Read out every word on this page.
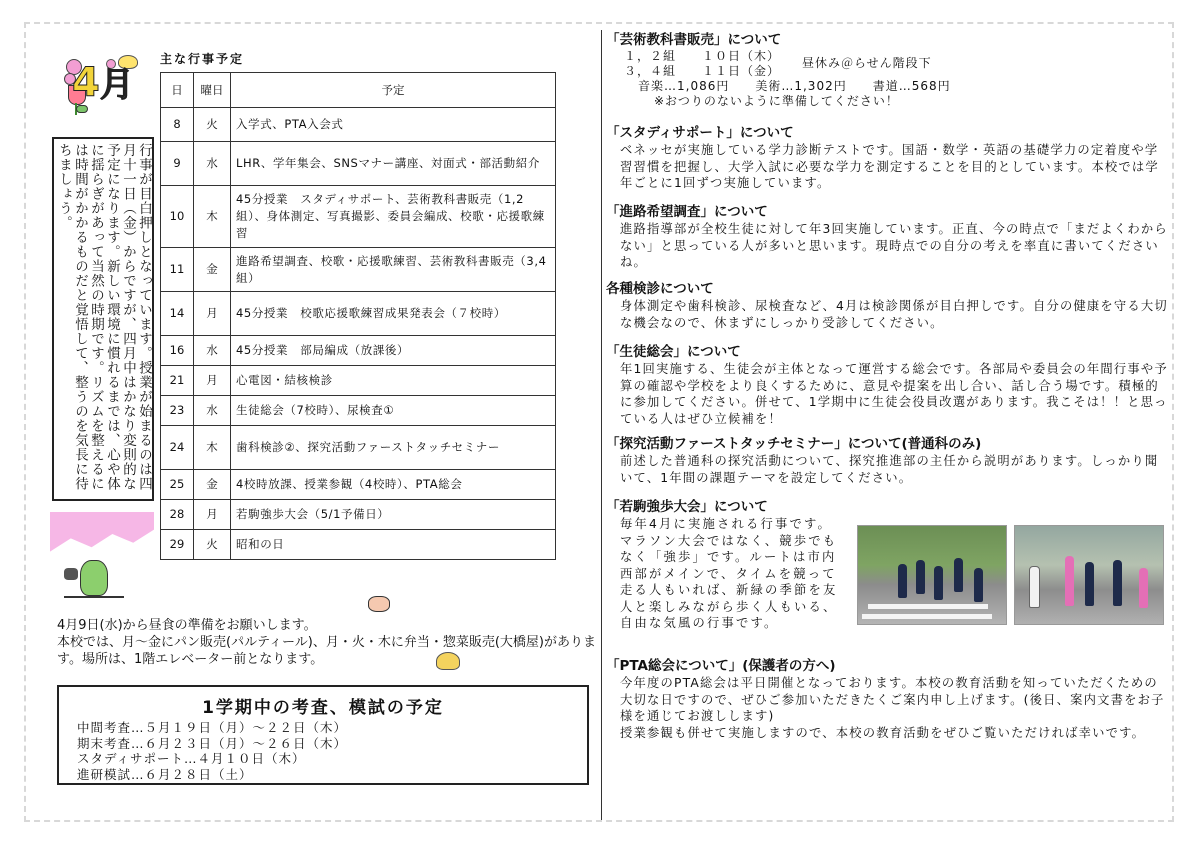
4月
主な行事予定
行事が目白押しとなっています。授業が始まるのは四月十一日（金）からですが、四月中はかなり変則的な予定になります。新しい環境に慣れるまでは、心や体に揺らぎがあって当然の時期です。リズムを整えるには時間がかかるものだと覚悟して、整うのを気長に待ちましょう。
日	曜日	予定
8	火	入学式、PTA入会式
9	水	LHR、学年集会、SNSマナー講座、対面式・部活動紹介
10	木	45分授業　スタディサポート、芸術教科書販売（1,2組）、身体測定、写真撮影、委員会編成、校歌・応援歌練習
11	金	進路希望調査、校歌・応援歌練習、芸術教科書販売（3,4組）
14	月	45分授業　校歌応援歌練習成果発表会（７校時）
16	水	45分授業　部局編成（放課後）
21	月	心電図・結核検診
23	水	生徒総会（7校時）、尿検査①
24	木	歯科検診②、探究活動ファーストタッチセミナー
25	金	4校時放課、授業参観（4校時）、PTA総会
28	月	若駒強歩大会（5/1予備日）
29	火	昭和の日
4月9日(水)から昼食の準備をお願いします。
本校では、月～金にパン販売(パルティール)、月・火・木に弁当・惣菜販売(大橋屋)があります。場所は、1階エレベーター前となります。
1学期中の考査、模試の予定
中間考査…５月１９日（月）～２２日（木）
期末考査…６月２３日（月）～２６日（木）
スタディサポート…４月１０日（木）
進研模試…６月２８日（土）
「芸術教科書販売」について
１，２組　　１０日（木）
３，４組　　１１日（金）
昼休み＠らせん階段下
音楽…1,086円　　美術…1,302円　　書道…568円
※おつりのないように準備してください！
「スタディサポート」について
ベネッセが実施している学力診断テストです。国語・数学・英語の基礎学力の定着度や学習習慣を把握し、大学入試に必要な学力を測定することを目的としています。本校では学年ごとに1回ずつ実施しています。
「進路希望調査」について
進路指導部が全校生徒に対して年3回実施しています。正直、今の時点で「まだよくわからない」と思っている人が多いと思います。現時点での自分の考えを率直に書いてくださいね。
各種検診について
身体測定や歯科検診、尿検査など、4月は検診関係が目白押しです。自分の健康を守る大切な機会なので、休まずにしっかり受診してください。
「生徒総会」について
年1回実施する、生徒会が主体となって運営する総会です。各部局や委員会の年間行事や予算の確認や学校をより良くするために、意見や提案を出し合い、話し合う場です。積極的に参加してください。併せて、1学期中に生徒会役員改選があります。我こそは！！と思っている人はぜひ立候補を！
「探究活動ファーストタッチセミナー」について(普通科のみ)
前述した普通科の探究活動について、探究推進部の主任から説明があります。しっかり聞いて、1年間の課題テーマを設定してください。
「若駒強歩大会」について
毎年4月に実施される行事です。マラソン大会ではなく、競歩でもなく「強歩」です。ルートは市内西部がメインで、タイムを競って走る人もいれば、新緑の季節を友人と楽しみながら歩く人もいる、自由な気風の行事です。
「PTA総会について」(保護者の方へ)
今年度のPTA総会は平日開催となっております。本校の教育活動を知っていただくための大切な日ですので、ぜひご参加いただきたくご案内申し上げます。(後日、案内文書をお子様を通じてお渡しします)
授業参観も併せて実施しますので、本校の教育活動をぜひご覧いただければ幸いです。
